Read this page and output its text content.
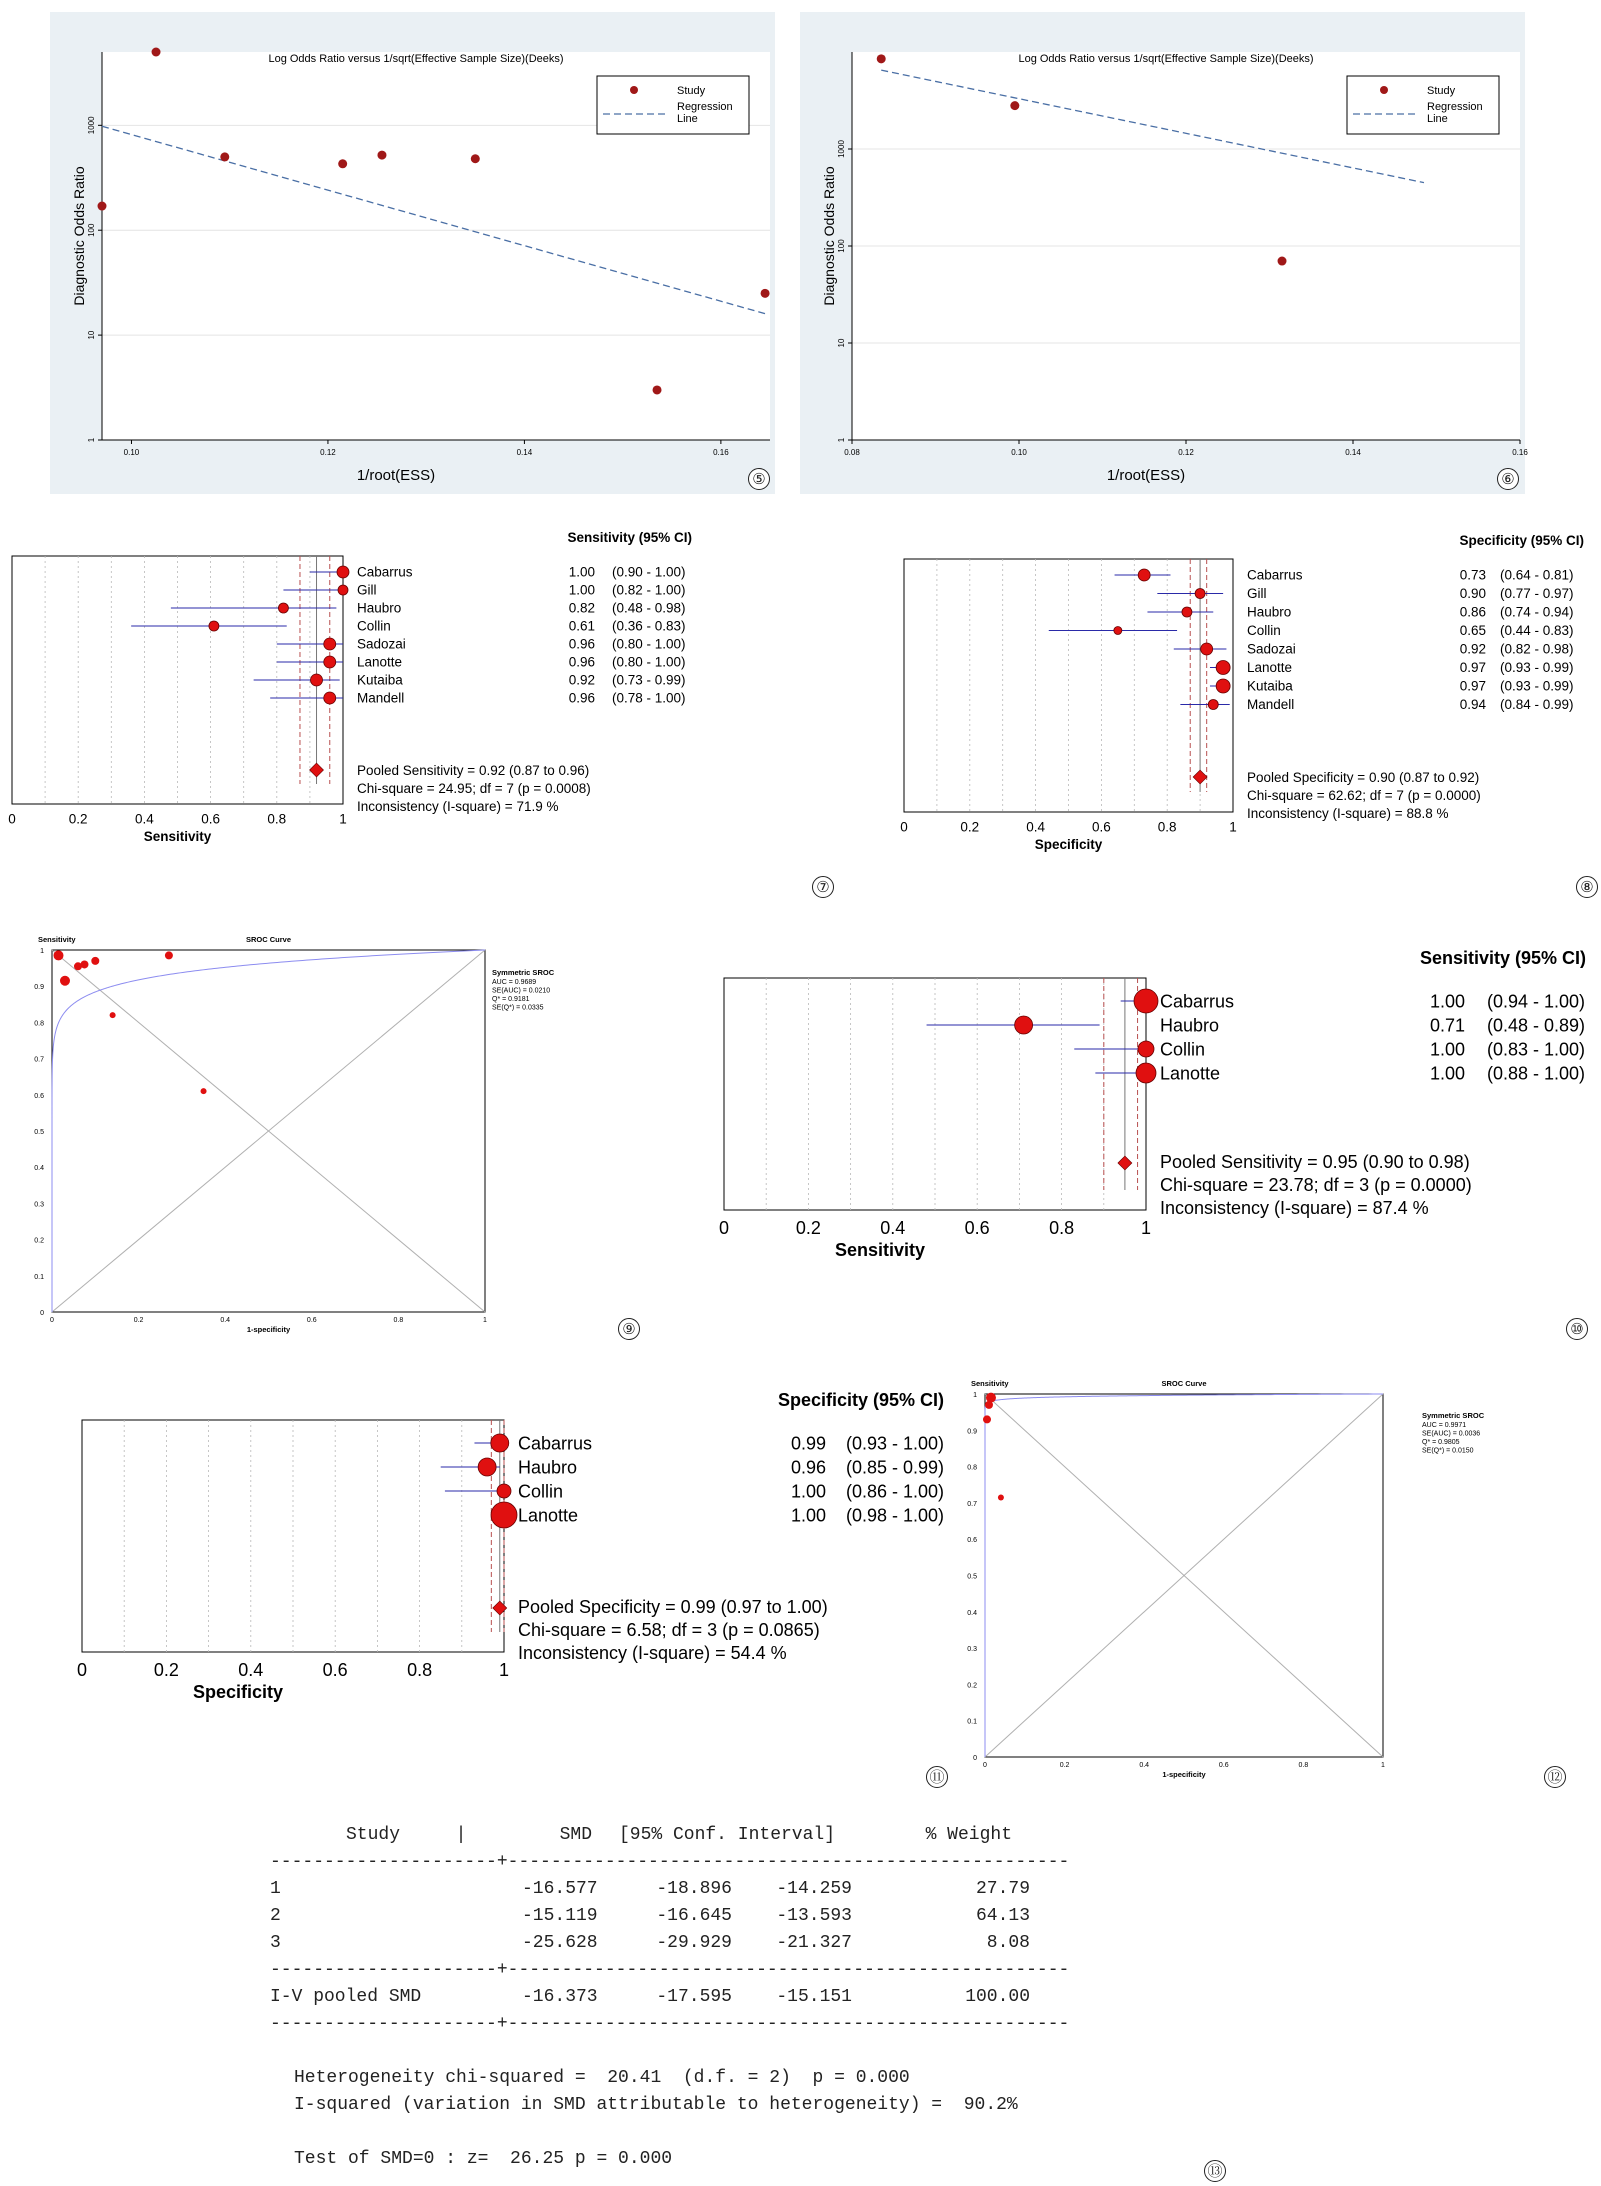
1
10
100
1000
0.10	0.12	0.14	0.16
Log Odds Ratio versus 1/sqrt(Effective Sample Size)(Deeks)
1/root(ESS)
Diagnostic Odds Ratio
Study
Regression
Line
1
10
100
1000
0.08	0.10	0.12	0.14	0.16
Log Odds Ratio versus 1/sqrt(Effective Sample Size)(Deeks)
1/root(ESS)
Diagnostic Odds Ratio
Study
Regression
Line
Cabarrus	1.00 (0.90 - 1.00)
Gill	1.00 (0.82 - 1.00)
Haubro	0.82 (0.48 - 0.98)
Collin	0.61 (0.36 - 0.83)
Sadozai	0.96 (0.80 - 1.00)
Lanotte	0.96 (0.80 - 1.00)
Kutaiba	0.92 (0.73 - 0.99)
Mandell	0.96 (0.78 - 1.00)
Pooled Sensitivity = 0.92 (0.87 to 0.96)
Chi-square = 24.95; df = 7 (p = 0.0008)
Inconsistency (I-square) = 71.9 %
Sensitivity (95% CI)
0	0.2	0.4	0.6	0.8	1
Sensitivity
Cabarrus	0.73 (0.64 - 0.81)
Gill	0.90 (0.77 - 0.97)
Haubro	0.86 (0.74 - 0.94)
Collin	0.65 (0.44 - 0.83)
Sadozai	0.92 (0.82 - 0.98)
Lanotte	0.97 (0.93 - 0.99)
Kutaiba	0.97 (0.93 - 0.99)
Mandell	0.94 (0.84 - 0.99)
Pooled Specificity = 0.90 (0.87 to 0.92)
Chi-square = 62.62; df = 7 (p = 0.0000)
Inconsistency (I-square) = 88.8 %
Specificity (95% CI)
0	0.2	0.4	0.6	0.8	1
Specificity
0	0.2	0.4	0.6	0.8	1
0
0.1
0.2
0.3
0.4
0.5
0.6
0.7
0.8
0.9
1
Sensitivity	SROC Curve
1-specificity
Symmetric SROC
AUC = 0.9689
SE(AUC) = 0.0210
Q* = 0.9181
SE(Q*) = 0.0335	Cabarrus	1.00 (0.94 - 1.00)
Haubro	0.71 (0.48 - 0.89)
Collin	1.00 (0.83 - 1.00)
Lanotte	1.00 (0.88 - 1.00)
Pooled Sensitivity = 0.95 (0.90 to 0.98)
Chi-square = 23.78; df = 3 (p = 0.0000)
Inconsistency (I-square) = 87.4 %
Sensitivity (95% CI)
0	0.2	0.4	0.6	0.8	1
Sensitivity
Cabarrus	0.99 (0.93 - 1.00)
Haubro	0.96 (0.85 - 0.99)
Collin	1.00 (0.86 - 1.00)
Lanotte	1.00 (0.98 - 1.00)
Pooled Specificity = 0.99 (0.97 to 1.00)
Chi-square = 6.58; df = 3 (p = 0.0865)
Inconsistency (I-square) = 54.4 %
Specificity (95% CI)
0	0.2	0.4	0.6	0.8	1
Specificity
0	0.2	0.4	0.6	0.8	1
0
0.1
0.2
0.3
0.4
0.5
0.6
0.7
0.8
0.9
1
Sensitivity	SROC Curve
1-specificity
Symmetric SROC
AUC = 0.9971
SE(AUC) = 0.0036
Q* = 0.9805
SE(Q*) = 0.0150
⑤	⑥
⑦	⑧
⑨	⑩
⑪	⑫
⑬
Study	|	SMD [95% Conf. Interval]	% Weight
---------------------+----------------------------------------------------
1	-16.577	-18.896 -14.259	27.79
2	-15.119	-16.645 -13.593	64.13
3	-25.628	-29.929 -21.327	8.08
---------------------+----------------------------------------------------
I-V pooled SMD	-16.373	-17.595 -15.151	100.00
---------------------+----------------------------------------------------
Heterogeneity chi-squared =  20.41  (d.f. = 2)  p = 0.000
I-squared (variation in SMD attributable to heterogeneity) =  90.2%
Test of SMD=0 : z=  26.25 p = 0.000
